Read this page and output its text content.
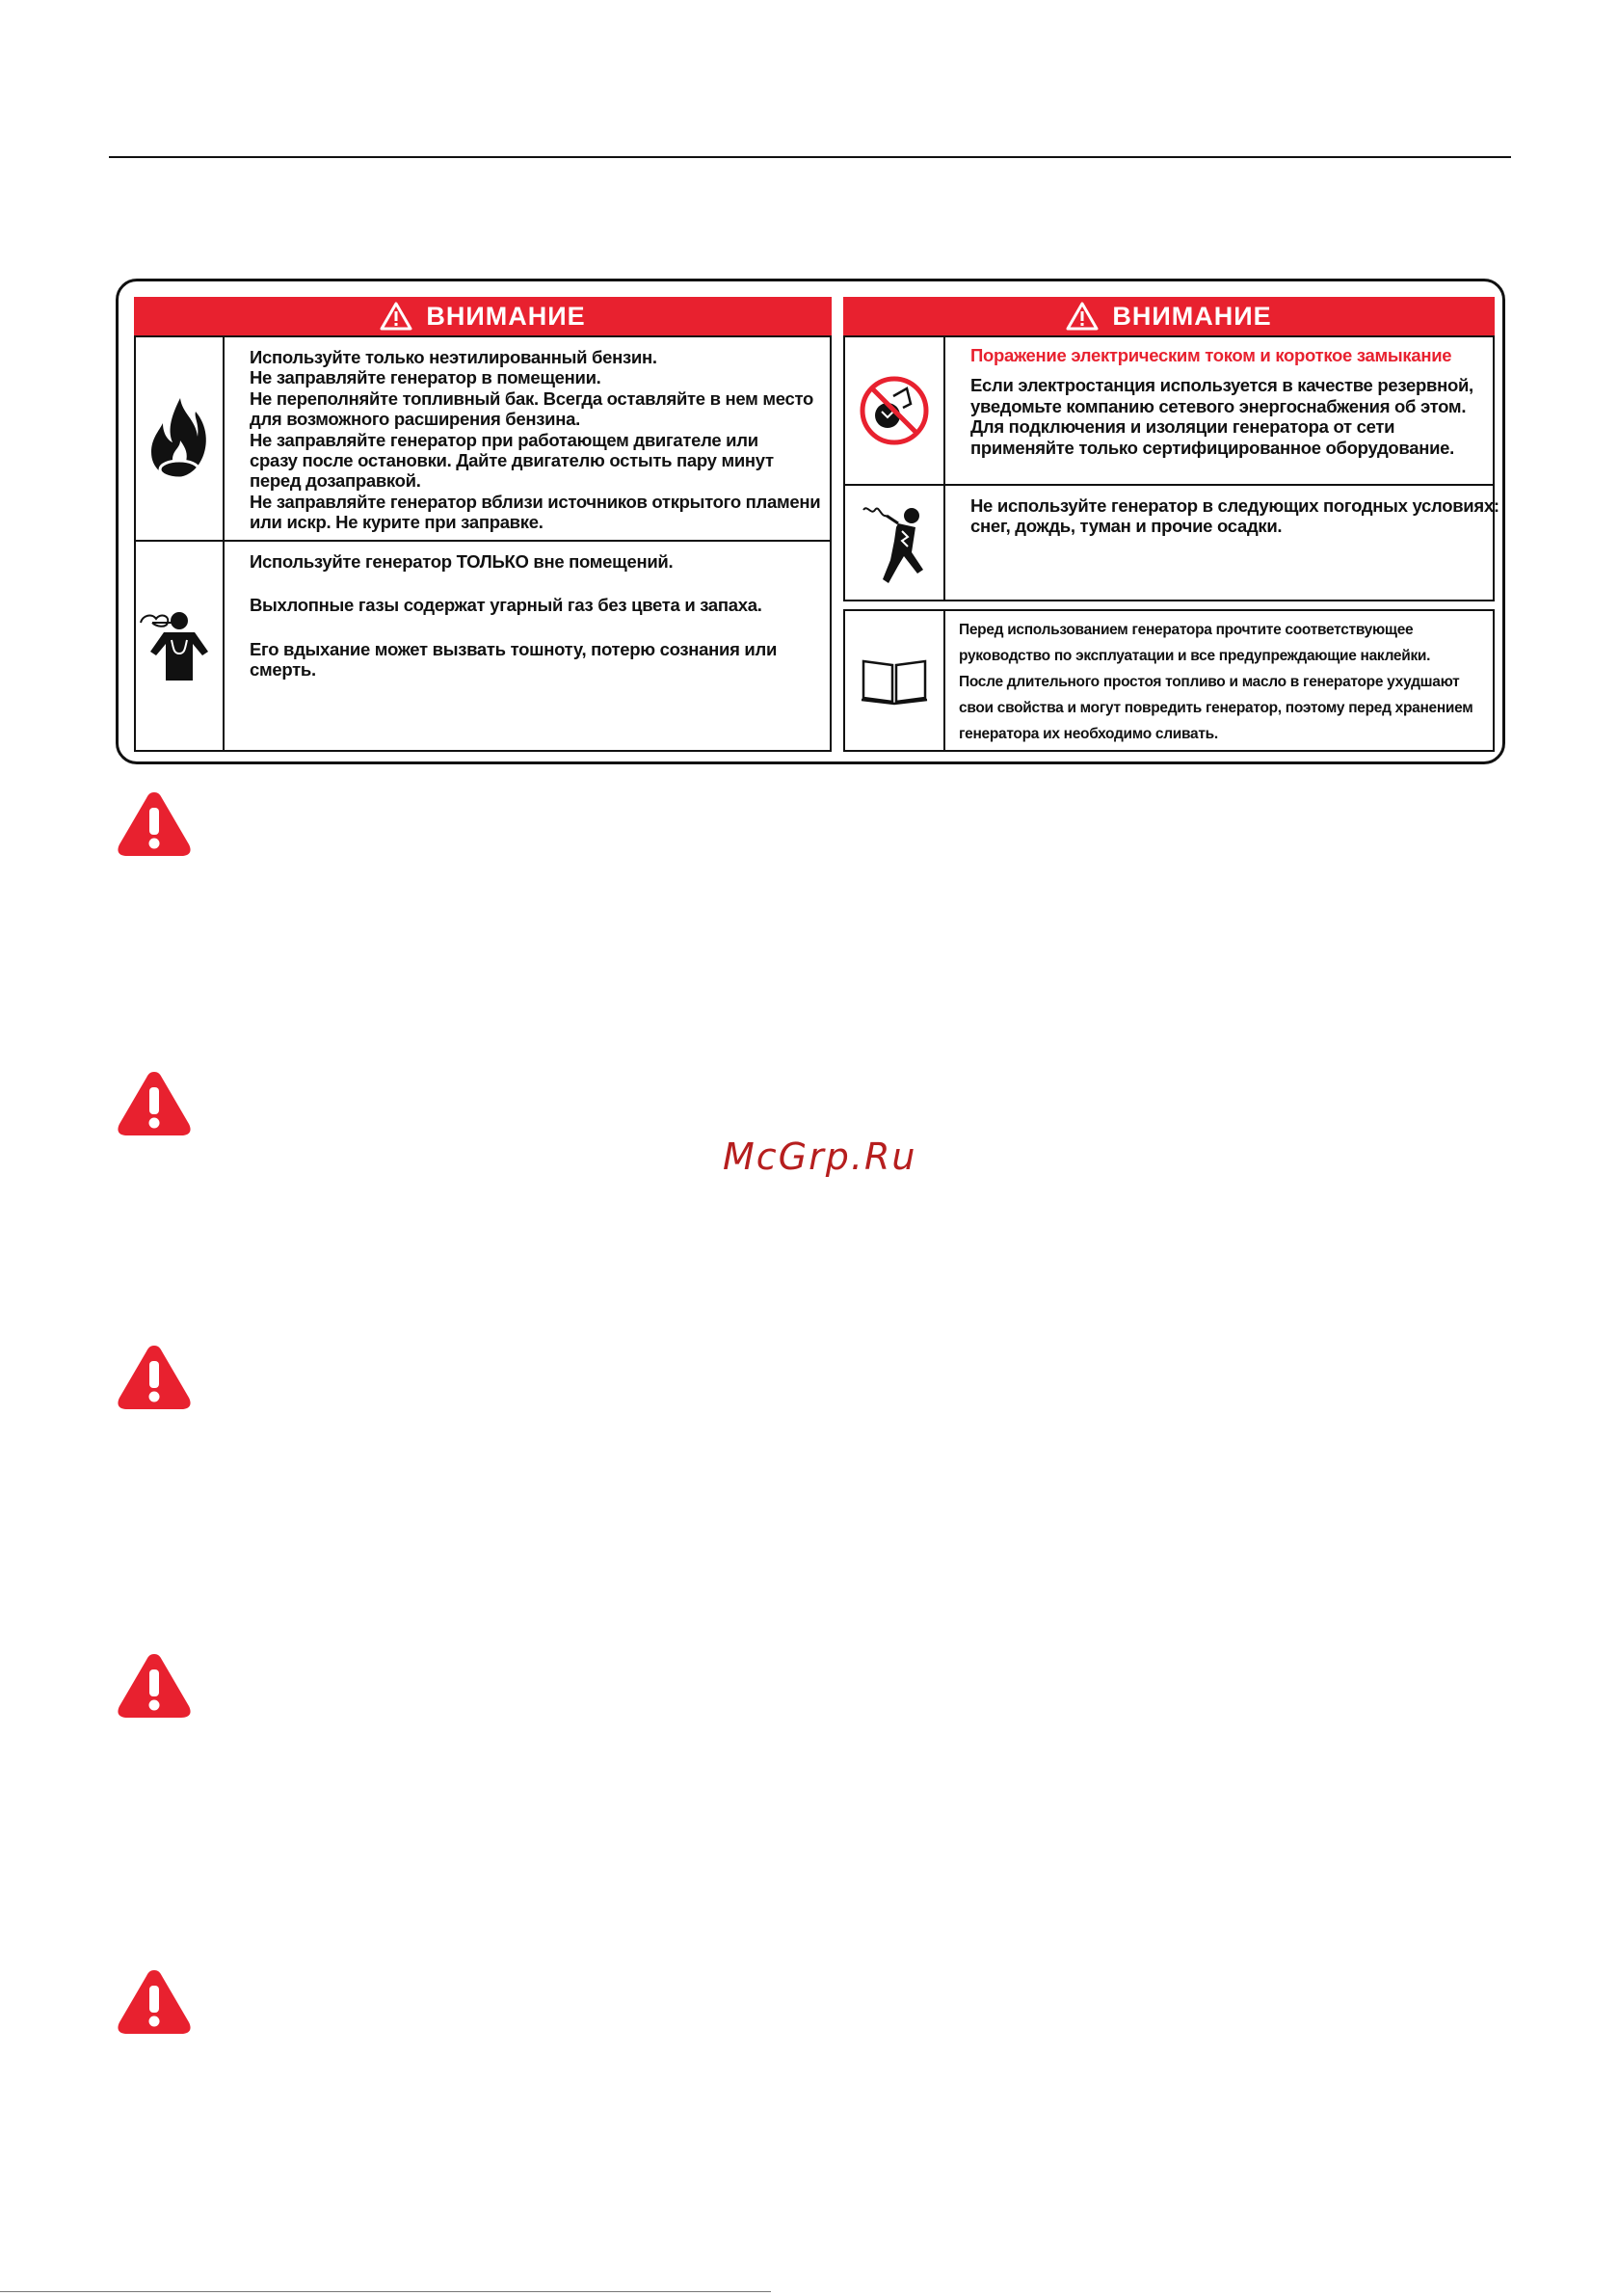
ВНИМАНИЕ
Используйте только неэтилированный бензин.
Не заправляйте генератор в помещении.
Не переполняйте топливный бак. Всегда оставляйте в нем место
для возможного расширения бензина.
Не заправляйте генератор при работающем двигателе или
сразу после остановки. Дайте двигателю остыть пару минут
перед дозаправкой.
Не заправляйте генератор вблизи источников открытого пламени
или искр. Не курите при заправке.
Используйте генератор ТОЛЬКО вне помещений.
Выхлопные газы содержат угарный газ без цвета и запаха.
Его вдыхание может вызвать тошноту, потерю сознания или
смерть.
ВНИМАНИЕ
Поражение электрическим током и короткое замыкание
Если электростанция используется в качестве резервной,
уведомьте компанию сетевого энергоснабжения об этом.
Для подключения и изоляции генератора от сети
применяйте только сертифицированное оборудование.
Не используйте генератор в следующих погодных условиях:
снег, дождь, туман и прочие осадки.
Перед использованием генератора прочтите соответствующее
руководство по эксплуатации и все предупреждающие наклейки.
После длительного простоя топливо и масло в генераторе ухудшают
свои свойства и могут повредить генератор, поэтому перед хранением
генератора их необходимо сливать.
McGrp.Ru
